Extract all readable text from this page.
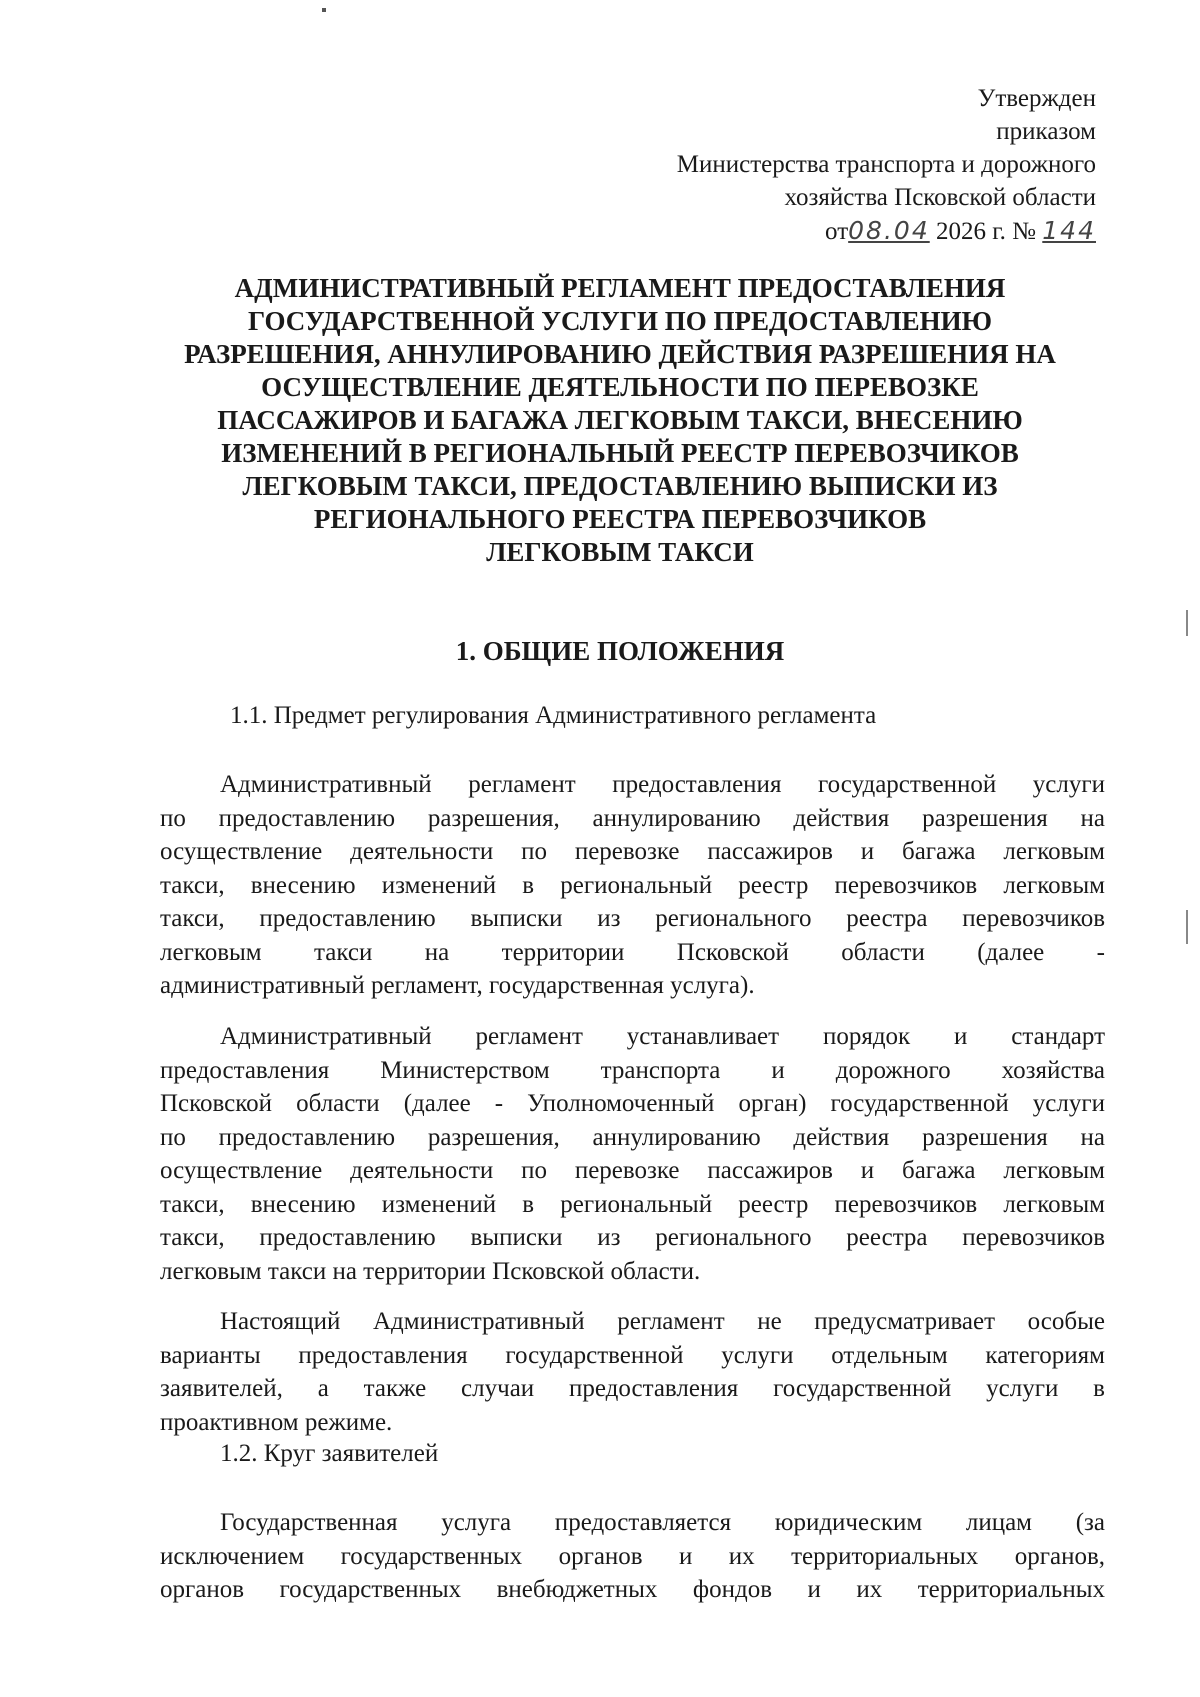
Утвержден
приказом
Министерства транспорта и дорожного
хозяйства Псковской области
от08.04 2026 г. № 144
АДМИНИСТРАТИВНЫЙ РЕГЛАМЕНТ ПРЕДОСТАВЛЕНИЯ
ГОСУДАРСТВЕННОЙ УСЛУГИ ПО ПРЕДОСТАВЛЕНИЮ
РАЗРЕШЕНИЯ, АННУЛИРОВАНИЮ ДЕЙСТВИЯ РАЗРЕШЕНИЯ НА
ОСУЩЕСТВЛЕНИЕ ДЕЯТЕЛЬНОСТИ ПО ПЕРЕВОЗКЕ
ПАССАЖИРОВ И БАГАЖА ЛЕГКОВЫМ ТАКСИ, ВНЕСЕНИЮ
ИЗМЕНЕНИЙ В РЕГИОНАЛЬНЫЙ РЕЕСТР ПЕРЕВОЗЧИКОВ
ЛЕГКОВЫМ ТАКСИ, ПРЕДОСТАВЛЕНИЮ ВЫПИСКИ ИЗ
РЕГИОНАЛЬНОГО РЕЕСТРА ПЕРЕВОЗЧИКОВ
ЛЕГКОВЫМ ТАКСИ
1. ОБЩИЕ ПОЛОЖЕНИЯ
1.1. Предмет регулирования Административного регламента
Административный регламент предоставления государственной услуги
по предоставлению разрешения, аннулированию действия разрешения на
осуществление деятельности по перевозке пассажиров и багажа легковым
такси, внесению изменений в региональный реестр перевозчиков легковым
такси, предоставлению выписки из регионального реестра перевозчиков
легковым такси на территории Псковской области (далее -
административный регламент, государственная услуга).
Административный регламент устанавливает порядок и стандарт
предоставления Министерством транспорта и дорожного хозяйства
Псковской области (далее - Уполномоченный орган) государственной услуги
по предоставлению разрешения, аннулированию действия разрешения на
осуществление деятельности по перевозке пассажиров и багажа легковым
такси, внесению изменений в региональный реестр перевозчиков легковым
такси, предоставлению выписки из регионального реестра перевозчиков
легковым такси на территории Псковской области.
Настоящий Административный регламент не предусматривает особые
варианты предоставления государственной услуги отдельным категориям
заявителей, а также случаи предоставления государственной услуги в
проактивном режиме.
1.2. Круг заявителей
Государственная услуга предоставляется юридическим лицам (за
исключением государственных органов и их территориальных органов,
органов государственных внебюджетных фондов и их территориальных
